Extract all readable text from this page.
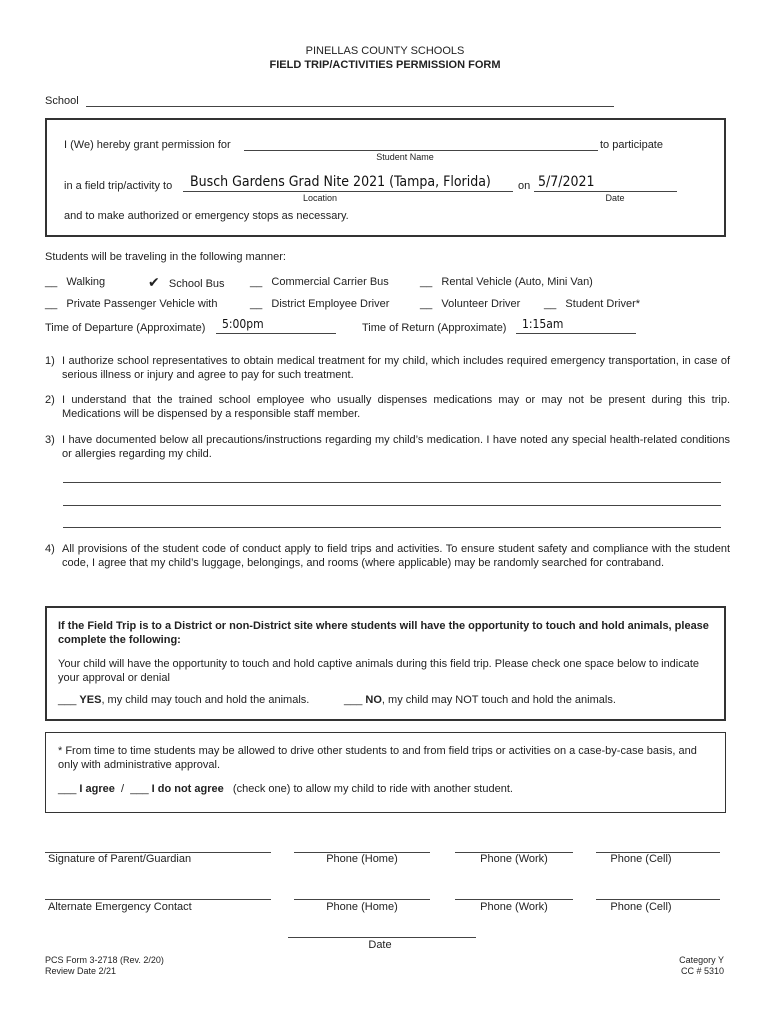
PINELLAS COUNTY SCHOOLS
FIELD TRIP/ACTIVITIES PERMISSION FORM
School
I (We) hereby grant permission for	to participate
Student Name
in a field trip/activity to Busch Gardens Grad Nite 2021 (Tampa, Florida) on 5/7/2021
Location	Date
and to make authorized or emergency stops as necessary.
Students will be traveling in the following manner:
__ Walking	✔ School Bus __ Commercial Carrier Bus	__ Rental Vehicle (Auto, Mini Van)
__ Private Passenger Vehicle with	__ District Employee Driver	__ Volunteer Driver __ Student Driver*
Time of Departure (Approximate) 5:00pm	Time of Return (Approximate) 1:15am
1) I authorize school representatives to obtain medical treatment for my child, which includes required emergency transportation, in case of serious illness or injury and agree to pay for such treatment.
2) I understand that the trained school employee who usually dispenses medications may or may not be present during this trip. Medications will be dispensed by a responsible staff member.
3) I have documented below all precautions/instructions regarding my child’s medication. I have noted any special health-related conditions or allergies regarding my child.
4) All provisions of the student code of conduct apply to field trips and activities. To ensure student safety and compliance with the student code, I agree that my child’s luggage, belongings, and rooms (where applicable) may be randomly searched for contraband.
If the Field Trip is to a District or non-District site where students will have the opportunity to touch and hold animals, please complete the following:
Your child will have the opportunity to touch and hold captive animals during this field trip. Please check one space below to indicate your approval or denial
___ YES, my child may touch and hold the animals.	___ NO, my child may NOT touch and hold the animals.
* From time to time students may be allowed to drive other students to and from field trips or activities on a case-by-case basis, and only with administrative approval.
___ I agree / ___ I do not agree (check one) to allow my child to ride with another student.
Signature of Parent/Guardian	Phone (Home)	Phone (Work)	Phone (Cell)
Alternate Emergency Contact	Phone (Home)	Phone (Work)	Phone (Cell)
Date
PCS Form 3-2718 (Rev. 2/20)
Review Date 2/21
Category Y
CC # 5310
